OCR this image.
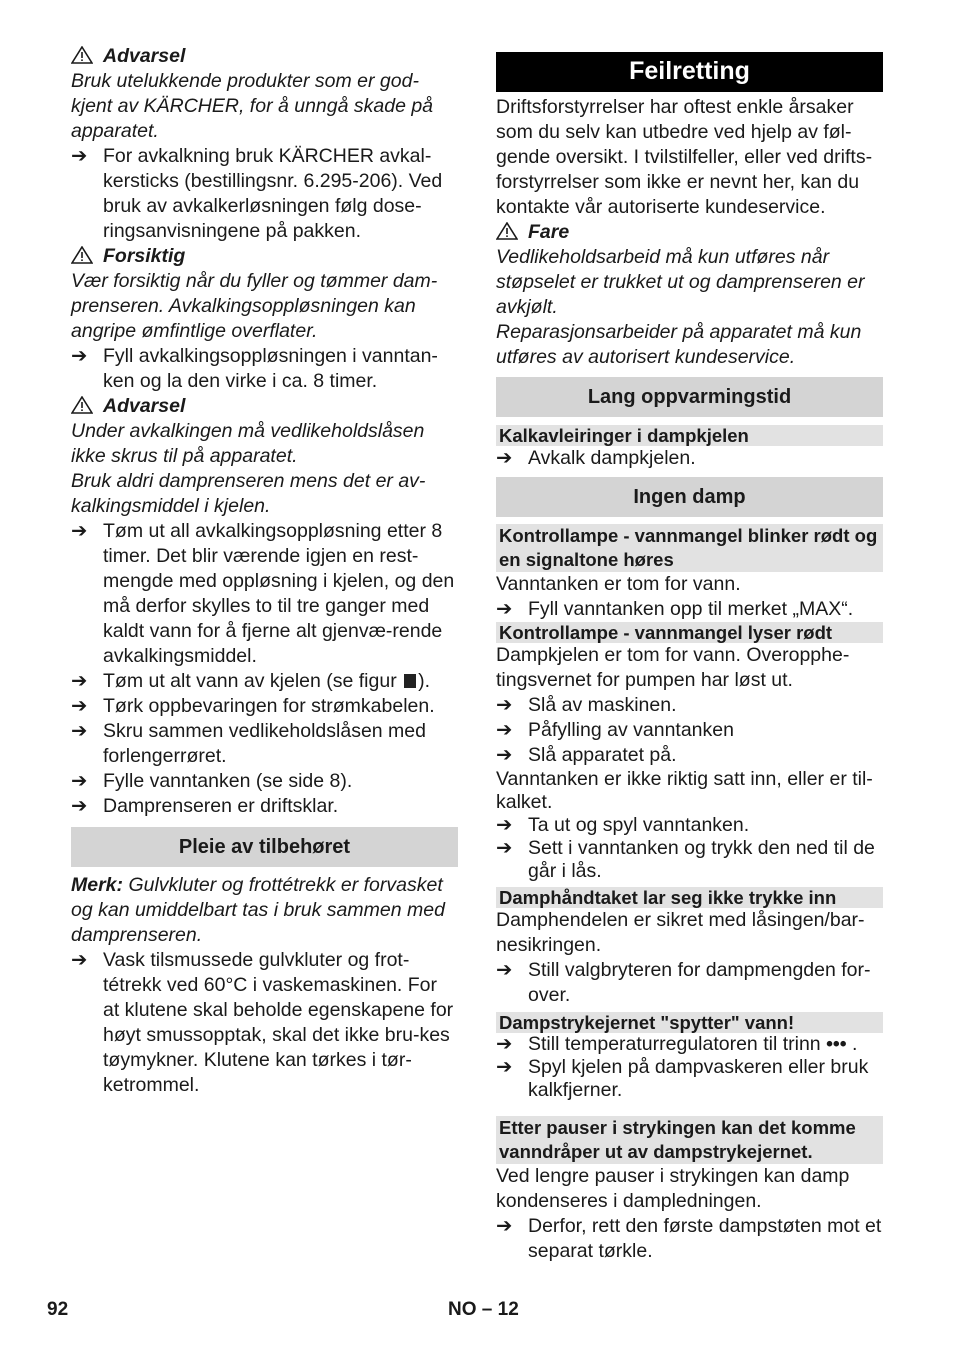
Advarsel

Bruk utelukkende produkter som er god-kjent av KÄRCHER, for å unngå skade på apparatet.

➔ For avkalkning bruk KÄRCHER avkal-kersticks (bestillingsnr. 6.295-206). Ved bruk av avkalkerløsningen følg dose-ringsanvisningene på pakken.

Forsiktig

Vær forsiktig når du fyller og tømmer dam-prenseren. Avkalkingsoppløsningen kan angripe ømfintlige overflater.

➔ Fyll avkalkingsoppløsningen i vanntan-ken og la den virke i ca. 8 timer.

Advarsel

Under avkalkingen må vedlikeholdslåsen ikke skrus til på apparatet.

Bruk aldri damprenseren mens det er av-kalkingsmiddel i kjelen.

➔ Tøm ut all avkalkingsoppløsning etter 8 timer. Det blir værende igjen en rest-mengde med oppløsning i kjelen, og den må derfor skylles to til tre ganger med kaldt vann for å fjerne alt gjenvæ-rende avkalkingsmiddel.
➔ Tøm ut alt vann av kjelen (se figur ).
➔ Tørk oppbevaringen for strømkabelen.
➔ Skru sammen vedlikeholdslåsen med forlengerrøret.
➔ Fylle vanntanken (se side 8).
➔ Damprenseren er driftsklar.
Pleie av tilbehøret

Merk: Gulvkluter og frottétrekk er forvasket og kan umiddelbart tas i bruk sammen med damprenseren.

➔ Vask tilsmussede gulvkluter og frot-tétrekk ved 60°C i vaskemaskinen. For at klutene skal beholde egenskapene for høyt smussopptak, skal det ikke bru-kes tøymykner. Klutene kan tørkes i tør-ketrommel.
Feilretting

Driftsforstyrrelser har oftest enkle årsaker som du selv kan utbedre ved hjelp av føl-gende oversikt. I tvilstilfeller, eller ved drifts-forstyrrelser som ikke er nevnt her, kan du kontakte vår autoriserte kundeservice.

Fare

Vedlikeholdsarbeid må kun utføres når støpselet er trukket ut og damprenseren er avkjølt.

Reparasjonsarbeider på apparatet må kun utføres av autorisert kundeservice.

Lang oppvarmingstid
Kalkavleiringer i dampkjelen
➔ Avkalk dampkjelen.
Ingen damp
Kontrollampe - vannmangel blinker rødt og en signaltone høres

Vanntanken er tom for vann.

➔ Fyll vanntanken opp til merket „MAX“.
Kontrollampe - vannmangel lyser rødt

Dampkjelen er tom for vann. Overopphe-tingsvernet for pumpen har løst ut.

➔ Slå av maskinen.
➔ Påfylling av vanntanken
➔ Slå apparatet på.

Vanntanken er ikke riktig satt inn, eller er til-kalket.

➔ Ta ut og spyl vanntanken.
➔ Sett i vanntanken og trykk den ned til de går i lås.
Damphåndtaket lar seg ikke trykke inn

Damphendelen er sikret med låsingen/bar-nesikringen.

➔ Still valgbryteren for dampmengden for-over.
Dampstrykejernet "spytter" vann!
➔ Still temperaturregulatoren til trinn ••• .
➔ Spyl kjelen på dampvaskeren eller bruk kalkfjerner.
Etter pauser i strykingen kan det komme vanndråper ut av dampstrykejernet.

Ved lengre pauser i strykingen kan damp kondenseres i dampledningen.

➔ Derfor, rett den første dampstøten mot et separat tørkle.
92	NO – 12
